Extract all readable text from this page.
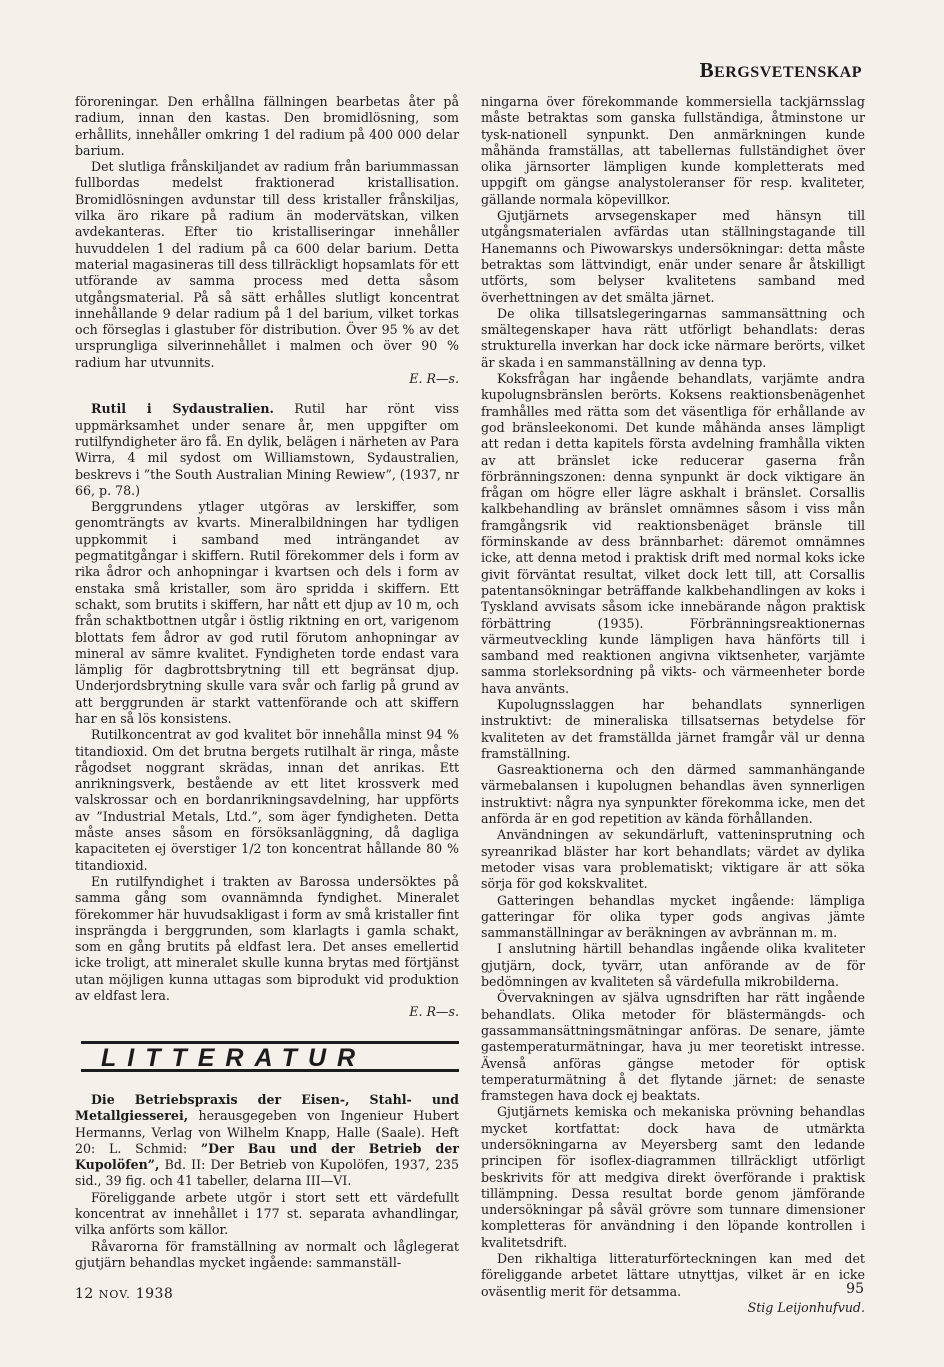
BERGSVETENSKAP

föroreningar. Den erhållna fällningen bearbetas åter på radium, innan den kastas. Den bromidlösning, som erhållits, innehåller omkring 1 del radium på 400 000 delar barium.

Det slutliga frånskiljandet av radium från bariummassan fullbordas medelst fraktionerad kristallisation. Bromidlösningen avdunstar till dess kristaller frånskiljas, vilka äro rikare på radium än modervätskan, vilken avdekanteras. Efter tio kristalliseringar innehåller huvuddelen 1 del radium på ca 600 delar barium. Detta material magasineras till dess tillräckligt hopsamlats för ett utförande av samma process med detta såsom utgångsmaterial. På så sätt erhålles slutligt koncentrat innehållande 9 delar radium på 1 del barium, vilket torkas och förseglas i glastuber för distribution. Över 95 % av det ursprungliga silverinnehållet i malmen och över 90 % radium har utvunnits.

E. R—s.

Rutil i Sydaustralien. Rutil har rönt viss uppmärksamhet under senare år, men uppgifter om rutilfyndigheter äro få. En dylik, belägen i närheten av Para Wirra, 4 mil sydost om Williamstown, Sydaustralien, beskrevs i ”the South Australian Mining Rewiew”, (1937, nr 66, p. 78.)

Berggrundens ytlager utgöras av lerskiffer, som genomträngts av kvarts. Mineralbildningen har tydligen uppkommit i samband med inträngandet av pegmatitgångar i skiffern. Rutil förekommer dels i form av rika ådror och anhopningar i kvartsen och dels i form av enstaka små kristaller, som äro spridda i skiffern. Ett schakt, som brutits i skiffern, har nått ett djup av 10 m, och från schaktbottnen utgår i östlig riktning en ort, varigenom blottats fem ådror av god rutil förutom anhopningar av mineral av sämre kvalitet. Fyndigheten torde endast vara lämplig för dagbrottsbrytning till ett begränsat djup. Underjordsbrytning skulle vara svår och farlig på grund av att berggrunden är starkt vattenförande och att skiffern har en så lös konsistens.

Rutilkoncentrat av god kvalitet bör innehålla minst 94 % titandioxid. Om det brutna bergets rutilhalt är ringa, måste rågodset noggrant skrädas, innan det anrikas. Ett anrikningsverk, bestående av ett litet krossverk med valskrossar och en bordanrikningsavdelning, har uppförts av ”Industrial Metals, Ltd.”, som äger fyndigheten. Detta måste anses såsom en försöksanläggning, då dagliga kapaciteten ej överstiger 1/2 ton koncentrat hållande 80 % titandioxid.

En rutilfyndighet i trakten av Barossa undersöktes på samma gång som ovannämnda fyndighet. Mineralet förekommer här huvudsakligast i form av små kristaller fint insprängda i berggrunden, som klarlagts i gamla schakt, som en gång brutits på eldfast lera. Det anses emellertid icke troligt, att mineralet skulle kunna brytas med förtjänst utan möjligen kunna uttagas som biprodukt vid produktion av eldfast lera.

E. R—s.

LITTERATUR

Die Betriebspraxis der Eisen-, Stahl- und Metallgiesserei, herausgegeben von Ingenieur Hubert Hermanns, Verlag von Wilhelm Knapp, Halle (Saale). Heft 20: L. Schmid: ”Der Bau und der Betrieb der Kupolöfen”, Bd. II: Der Betrieb von Kupolöfen, 1937, 235 sid., 39 fig. och 41 tabeller, delarna III—VI.

Föreliggande arbete utgör i stort sett ett värdefullt koncentrat av innehållet i 177 st. separata avhandlingar, vilka anförts som källor.

Råvarorna för framställning av normalt och låglegerat gjutjärn behandlas mycket ingående: sammanställ-

ningarna över förekommande kommersiella tackjärnsslag måste betraktas som ganska fullständiga, åtminstone ur tysk-nationell synpunkt. Den anmärkningen kunde måhända framställas, att tabellernas fullständighet över olika järnsorter lämpligen kunde kompletterats med uppgift om gängse analystoleranser för resp. kvaliteter, gällande normala köpevillkor.

Gjutjärnets arvsegenskaper med hänsyn till utgångsmaterialen avfärdas utan ställningstagande till Hanemanns och Piwowarskys undersökningar: detta måste betraktas som lättvindigt, enär under senare år åtskilligt utförts, som belyser kvalitetens samband med överhettningen av det smälta järnet.

De olika tillsatslegeringarnas sammansättning och smältegenskaper hava rätt utförligt behandlats: deras strukturella inverkan har dock icke närmare berörts, vilket är skada i en sammanställning av denna typ.

Koksfrågan har ingående behandlats, varjämte andra kupolugnsbränslen berörts. Koksens reaktionsbenägenhet framhålles med rätta som det väsentliga för erhållande av god bränsleekonomi. Det kunde måhända anses lämpligt att redan i detta kapitels första avdelning framhålla vikten av att bränslet icke reducerar gaserna från förbränningszonen: denna synpunkt är dock viktigare än frågan om högre eller lägre askhalt i bränslet. Corsallis kalkbehandling av bränslet omnämnes såsom i viss mån framgångsrik vid reaktionsbenäget bränsle till förminskande av dess brännbarhet: däremot omnämnes icke, att denna metod i praktisk drift med normal koks icke givit förväntat resultat, vilket dock lett till, att Corsallis patentansökningar beträffande kalkbehandlingen av koks i Tyskland avvisats såsom icke innebärande någon praktisk förbättring (1935). Förbränningsreaktionernas värmeutveckling kunde lämpligen hava hänförts till i samband med reaktionen angivna viktsenheter, varjämte samma storleksordning på vikts- och värmeenheter borde hava använts.

Kupolugnsslaggen har behandlats synnerligen instruktivt: de mineraliska tillsatsernas betydelse för kvaliteten av det framställda järnet framgår väl ur denna framställning.

Gasreaktionerna och den därmed sammanhängande värmebalansen i kupolugnen behandlas även synnerligen instruktivt: några nya synpunkter förekomma icke, men det anförda är en god repetition av kända förhållanden.

Användningen av sekundärluft, vatteninsprutning och syreanrikad bläster har kort behandlats; värdet av dylika metoder visas vara problematiskt; viktigare är att söka sörja för god kokskvalitet.

Gatteringen behandlas mycket ingående: lämpliga gatteringar för olika typer gods angivas jämte sammanställningar av beräkningen av avbrännan m. m.

I anslutning härtill behandlas ingående olika kvaliteter gjutjärn, dock, tyvärr, utan anförande av de för bedömningen av kvaliteten så värdefulla mikrobilderna.

Övervakningen av själva ugnsdriften har rätt ingående behandlats. Olika metoder för blästermängds- och gassammansättningsmätningar anföras. De senare, jämte gastemperaturmätningar, hava ju mer teoretiskt intresse. Ävenså anföras gängse metoder för optisk temperaturmätning å det flytande järnet: de senaste framstegen hava dock ej beaktats.

Gjutjärnets kemiska och mekaniska prövning behandlas mycket kortfattat: dock hava de utmärkta undersökningarna av Meyersberg samt den ledande principen för isoflex-diagrammen tillräckligt utförligt beskrivits för att medgiva direkt överförande i praktisk tillämpning. Dessa resultat borde genom jämförande undersökningar på såväl grövre som tunnare dimensioner kompletteras för användning i den löpande kontrollen i kvalitetsdrift.

Den rikhaltiga litteraturförteckningen kan med det föreliggande arbetet lättare utnyttjas, vilket är en icke oväsentlig merit för detsamma.

Stig Leijonhufvud.

12 NOV. 1938	95
